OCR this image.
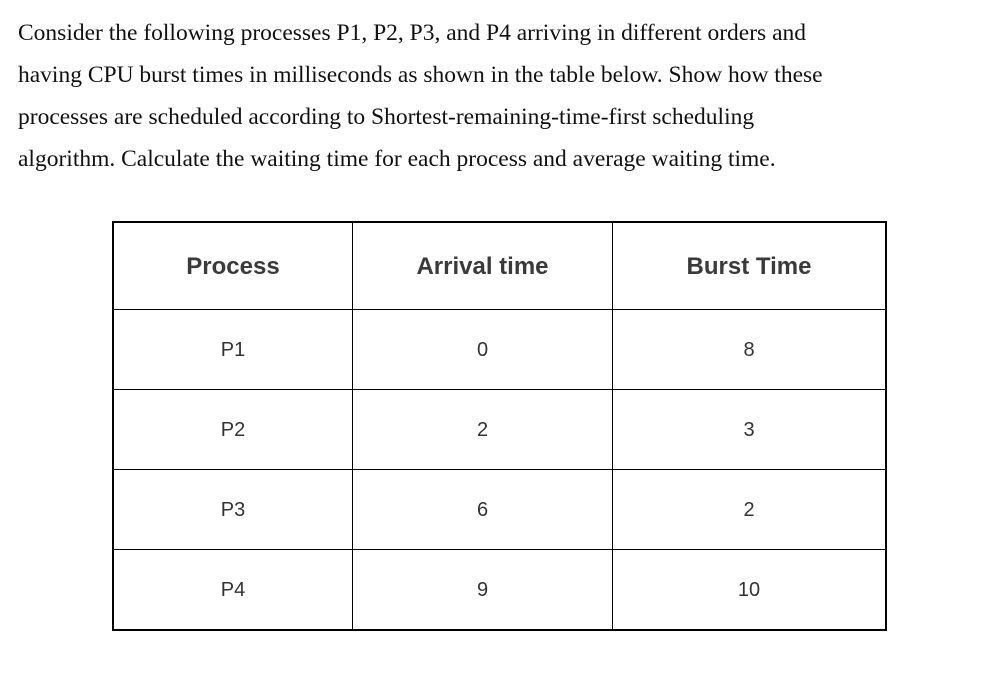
Consider the following processes P1, P2, P3, and P4 arriving in different orders and
having CPU burst times in milliseconds as shown in the table below. Show how these
processes are scheduled according to Shortest-remaining-time-first scheduling
algorithm. Calculate the waiting time for each process and average waiting time.
Process	Arrival time	Burst Time
P1	0	8
P2	2	3
P3	6	2
P4	9	10
